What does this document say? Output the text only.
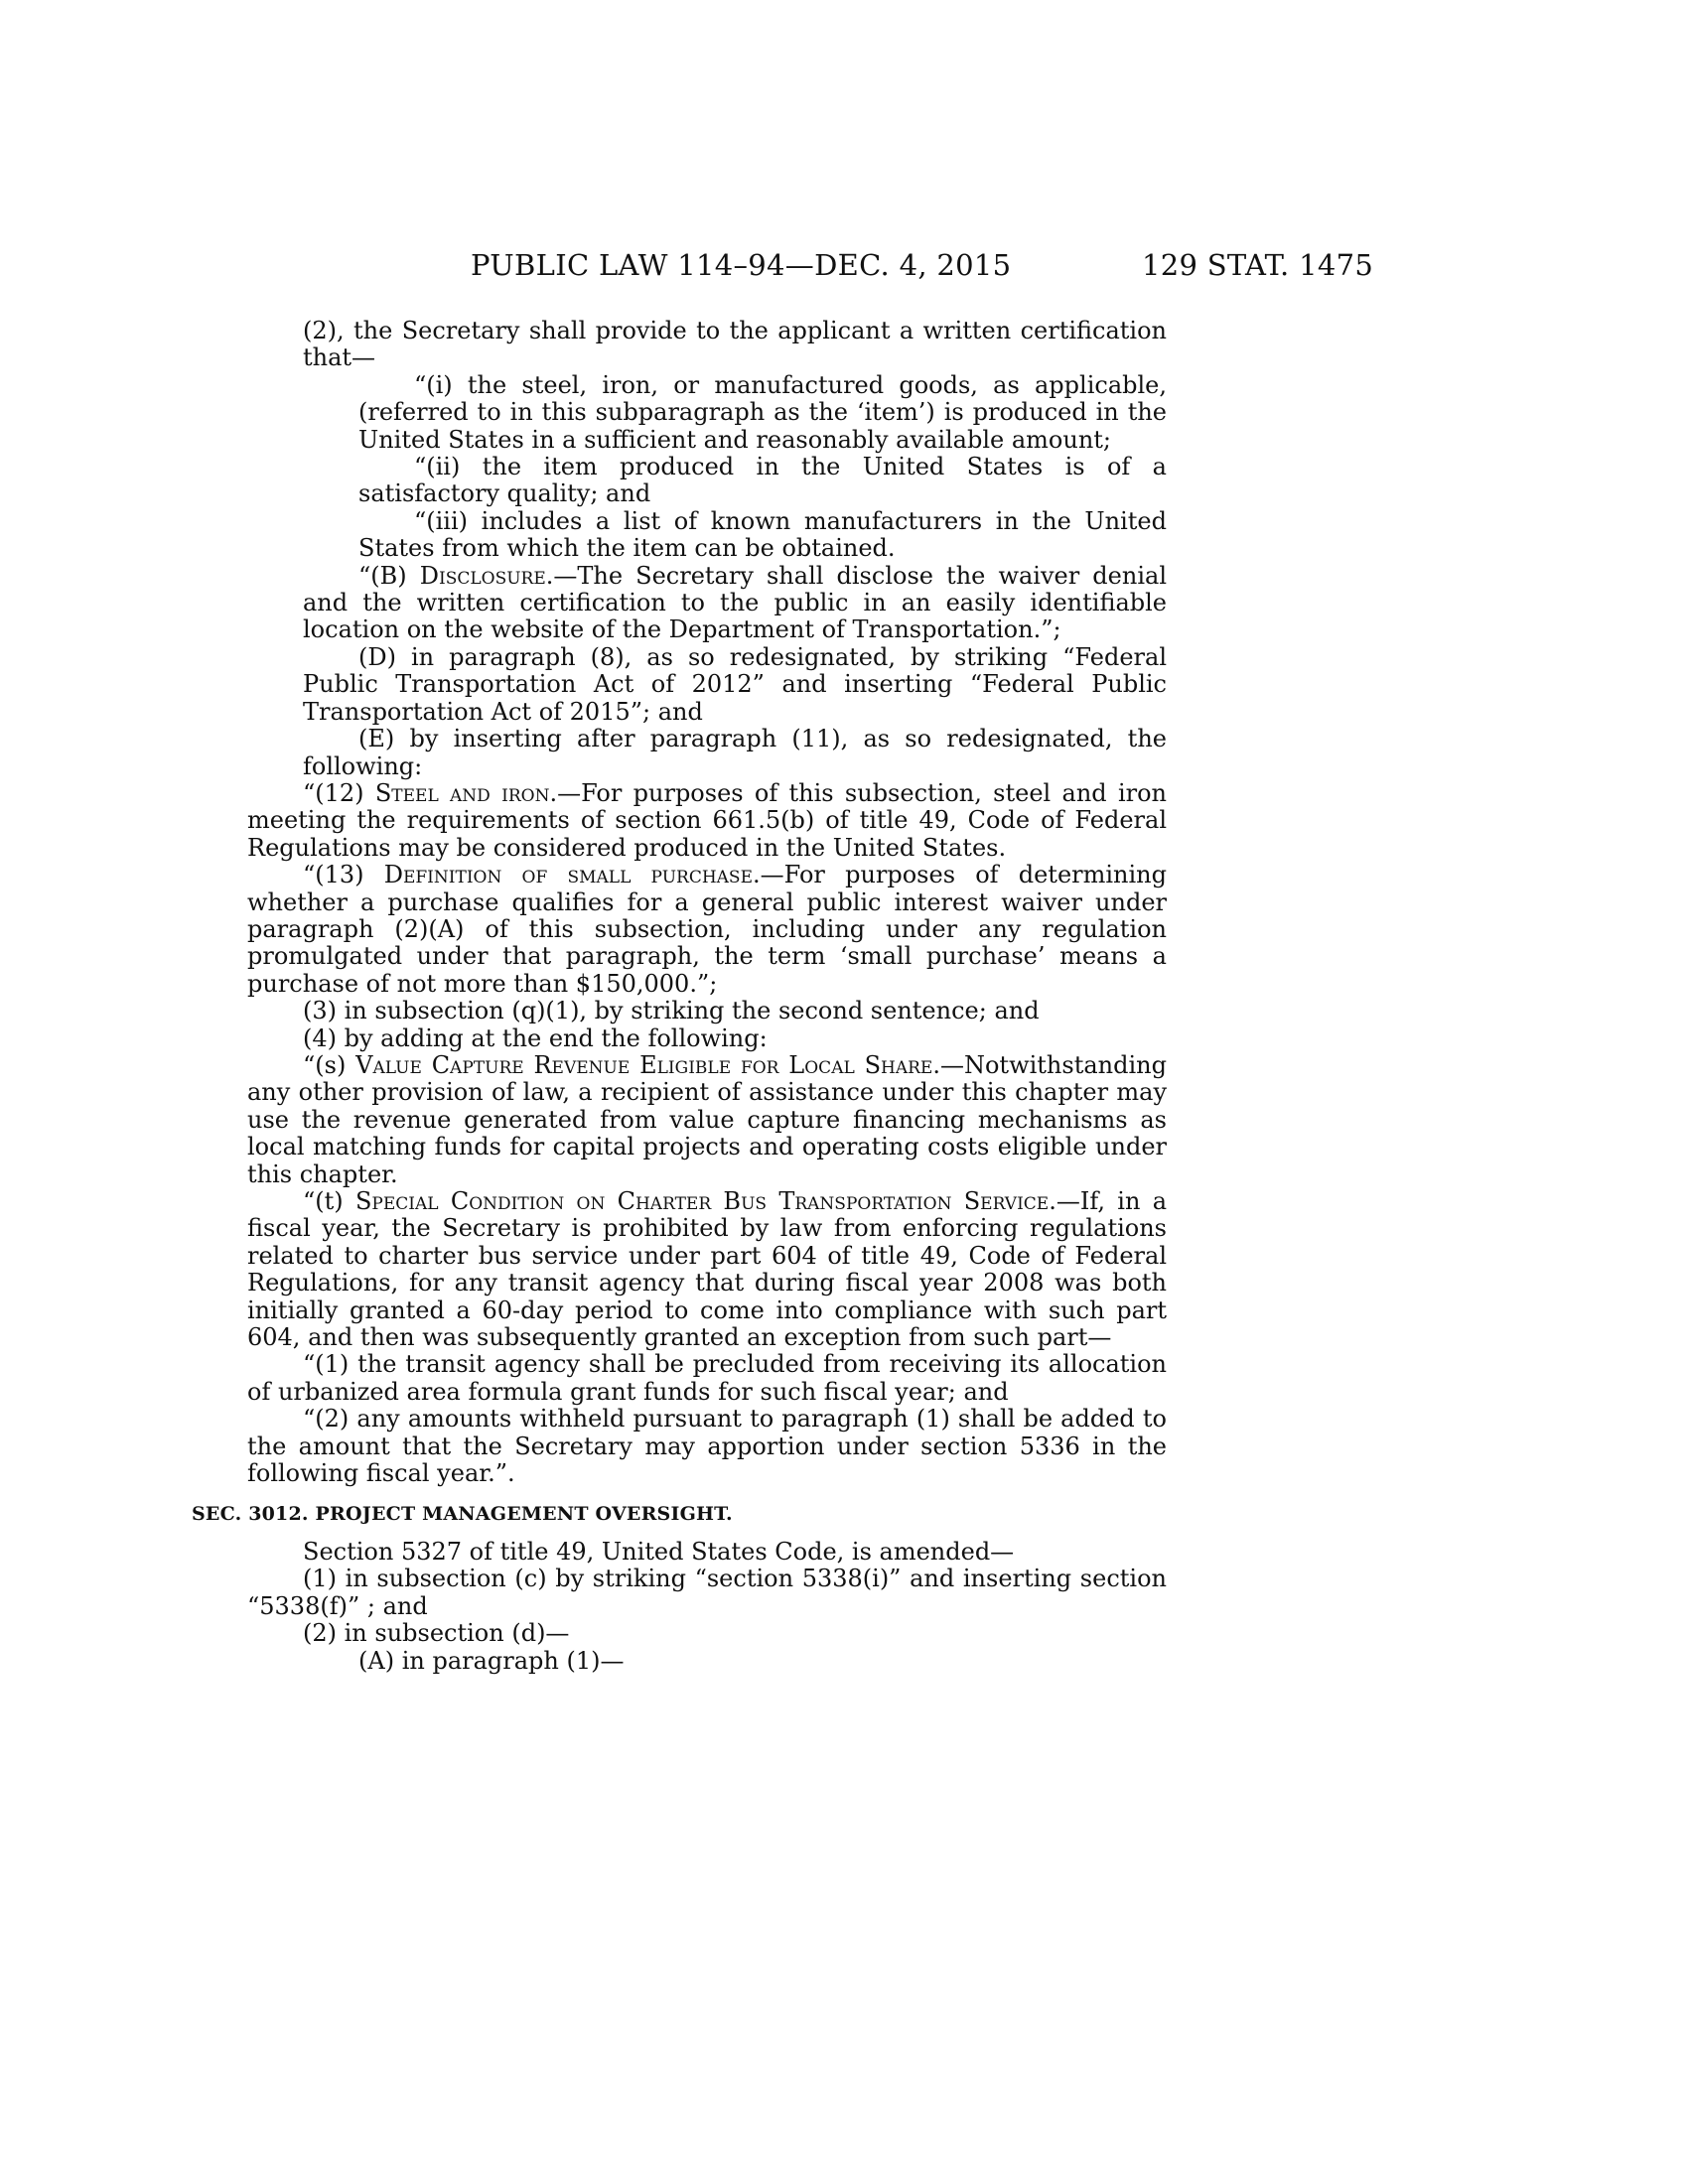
PUBLIC LAW 114–94—DEC. 4, 2015	129 STAT. 1475

(2), the Secretary shall provide to the applicant a written certification that—

“(i) the steel, iron, or manufactured goods, as applicable, (referred to in this subparagraph as the ‘item’) is produced in the United States in a sufficient and reasonably available amount;

“(ii) the item produced in the United States is of a satisfactory quality; and

“(iii) includes a list of known manufacturers in the United States from which the item can be obtained.

“(B) Disclosure.—The Secretary shall disclose the waiver denial and the written certification to the public in an easily identifiable location on the website of the Department of Transportation.”;

(D) in paragraph (8), as so redesignated, by striking “Federal Public Transportation Act of 2012” and inserting “Federal Public Transportation Act of 2015”; and

(E) by inserting after paragraph (11), as so redesignated, the following:

“(12) Steel and iron.—For purposes of this subsection, steel and iron meeting the requirements of section 661.5(b) of title 49, Code of Federal Regulations may be considered produced in the United States.

“(13) Definition of small purchase.—For purposes of determining whether a purchase qualifies for a general public interest waiver under paragraph (2)(A) of this subsection, including under any regulation promulgated under that paragraph, the term ‘small purchase’ means a purchase of not more than $150,000.”;

(3) in subsection (q)(1), by striking the second sentence; and

(4) by adding at the end the following:

“(s) Value Capture Revenue Eligible for Local Share.—Notwithstanding any other provision of law, a recipient of assistance under this chapter may use the revenue generated from value capture financing mechanisms as local matching funds for capital projects and operating costs eligible under this chapter.

“(t) Special Condition on Charter Bus Transportation Service.—If, in a fiscal year, the Secretary is prohibited by law from enforcing regulations related to charter bus service under part 604 of title 49, Code of Federal Regulations, for any transit agency that during fiscal year 2008 was both initially granted a 60-day period to come into compliance with such part 604, and then was subsequently granted an exception from such part—

“(1) the transit agency shall be precluded from receiving its allocation of urbanized area formula grant funds for such fiscal year; and

“(2) any amounts withheld pursuant to paragraph (1) shall be added to the amount that the Secretary may apportion under section 5336 in the following fiscal year.”.

SEC. 3012. PROJECT MANAGEMENT OVERSIGHT.

Section 5327 of title 49, United States Code, is amended—

(1) in subsection (c) by striking “section 5338(i)” and inserting section “5338(f)” ; and

(2) in subsection (d)—

(A) in paragraph (1)—
